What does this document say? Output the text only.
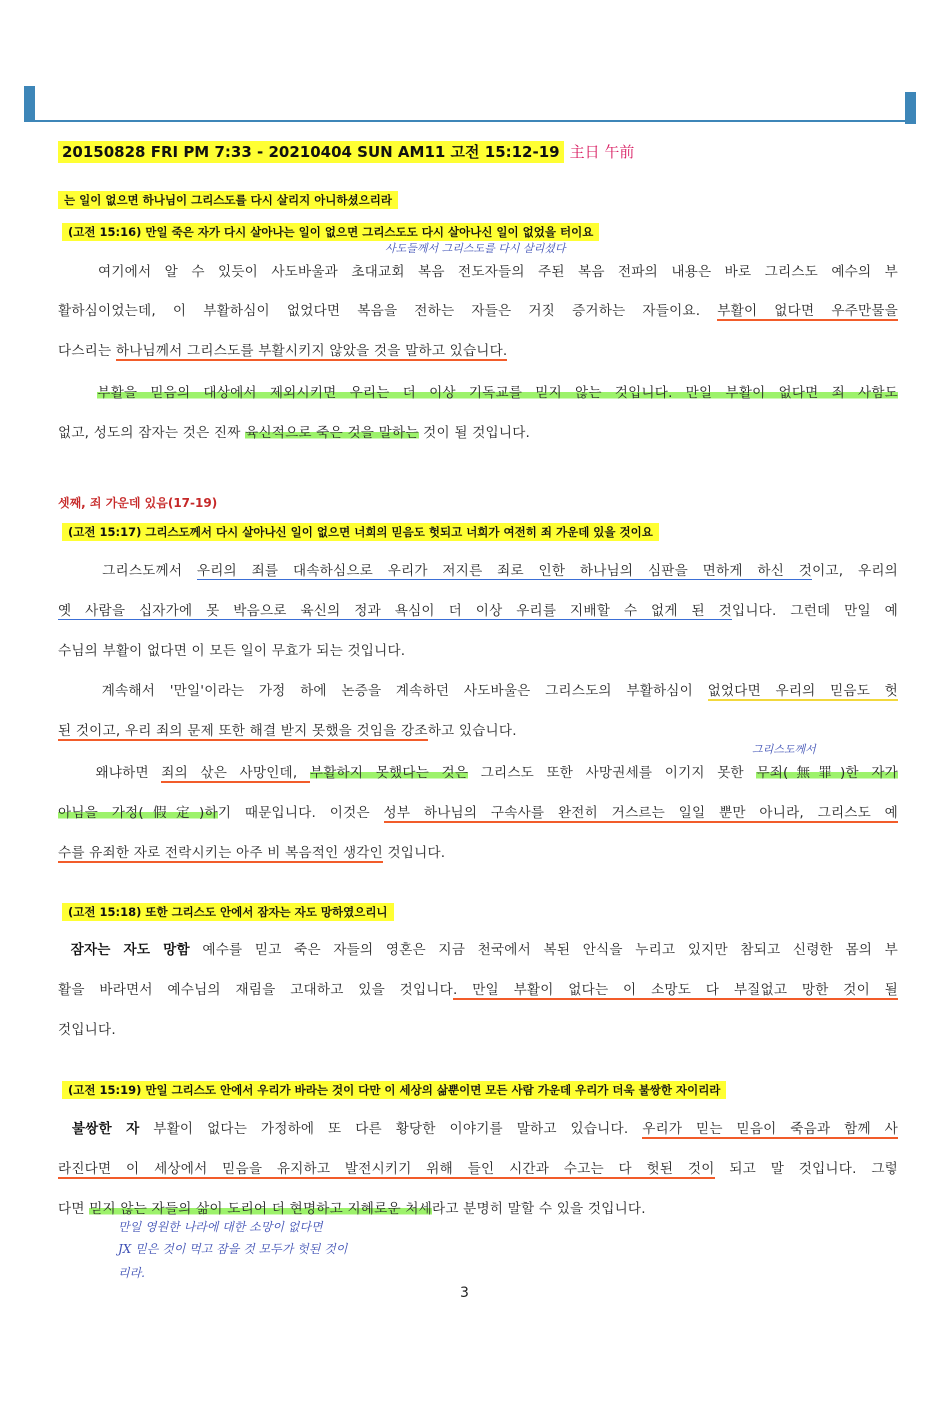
20150828 FRI PM 7:33 - 20210404 SUN AM11 고전 15:12-19 主日 午前
는 일이 없으면 하나님이 그리스도를 다시 살리지 아니하셨으리라
(고전 15:16) 만일 죽은 자가 다시 살아나는 일이 없으면 그리스도도 다시 살아나신 일이 없었을 터이요
사도들께서 그리스도를 다시 살리셨다
여기에서 알 수 있듯이 사도바울과 초대교회 복음 전도자들의 주된 복음 전파의 내용은 바로 그리스도 예수의 부
활하심이었는데, 이 부활하심이 없었다면 복음을 전하는 자들은 거짓 증거하는 자들이요. 부활이 없다면 우주만물을
다스리는 하나님께서 그리스도를 부활시키지 않았을 것을 말하고 있습니다.
부활을 믿음의 대상에서 제외시키면 우리는 더 이상 기독교를 믿지 않는 것입니다. 만일 부활이 없다면 죄 사함도
없고, 성도의 잠자는 것은 진짜 육신적으로 죽은 것을 말하는 것이 될 것입니다.
셋째, 죄 가운데 있음(17-19)
(고전 15:17) 그리스도께서 다시 살아나신 일이 없으면 너희의 믿음도 헛되고 너희가 여전히 죄 가운데 있을 것이요
그리스도께서 우리의 죄를 대속하심으로 우리가 저지른 죄로 인한 하나님의 심판을 면하게 하신 것이고, 우리의
옛 사람을 십자가에 못 박음으로 육신의 정과 욕심이 더 이상 우리를 지배할 수 없게 된 것입니다. 그런데 만일 예
수님의 부활이 없다면 이 모든 일이 무효가 되는 것입니다.
계속해서 '만일'이라는 가정 하에 논증을 계속하던 사도바울은 그리스도의 부활하심이 없었다면 우리의 믿음도 헛
된 것이고, 우리 죄의 문제 또한 해결 받지 못했을 것임을 강조하고 있습니다.
그리스도께서
왜냐하면 죄의 삯은 사망인데, 부활하지 못했다는 것은 그리스도 또한 사망권세를 이기지 못한 무죄(無罪)한 자가
아님을 가정(假定)하기 때문입니다. 이것은 성부 하나님의 구속사를 완전히 거스르는 일일 뿐만 아니라, 그리스도 예
수를 유죄한 자로 전락시키는 아주 비 복음적인 생각인 것입니다.
(고전 15:18) 또한 그리스도 안에서 잠자는 자도 망하였으리니
잠자는 자도 망함 예수를 믿고 죽은 자들의 영혼은 지금 천국에서 복된 안식을 누리고 있지만 참되고 신령한 몸의 부
활을 바라면서 예수님의 재림을 고대하고 있을 것입니다. 만일 부활이 없다는 이 소망도 다 부질없고 망한 것이 될
것입니다.
(고전 15:19) 만일 그리스도 안에서 우리가 바라는 것이 다만 이 세상의 삶뿐이면 모든 사람 가운데 우리가 더욱 불쌍한 자이리라
불쌍한 자 부활이 없다는 가정하에 또 다른 황당한 이야기를 말하고 있습니다. 우리가 믿는 믿음이 죽음과 함께 사
라진다면 이 세상에서 믿음을 유지하고 발전시키기 위해 들인 시간과 수고는 다 헛된 것이 되고 말 것입니다. 그렇
다면 믿지 않는 자들의 삶이 도리어 더 현명하고 지혜로운 처세라고 분명히 말할 수 있을 것입니다.
만일 영원한 나라에 대한 소망이 없다면
JX 믿은 것이 먹고 잠을 것 모두가 헛된 것이
리라.
3
